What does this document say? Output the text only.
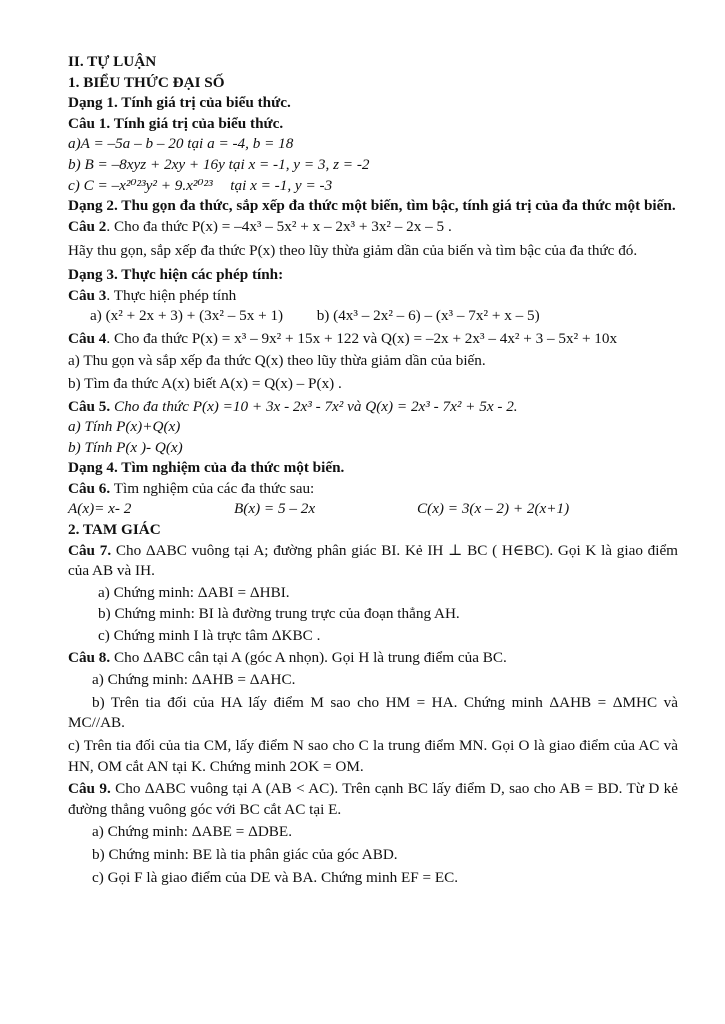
II. TỰ LUẬN
1. BIỂU THỨC ĐẠI SỐ
Dạng 1. Tính giá trị của biểu thức.
Câu 1. Tính giá trị của biểu thức.
a)A = –5a – b – 20 tại a = -4, b = 18
b) B = –8xyz + 2xy + 16y tại x = -1, y = 3, z = -2
c) C = –x²⁰²³y² + 9.x²⁰²³ tại x = -1, y = -3
Dạng 2. Thu gọn đa thức, sắp xếp đa thức một biến, tìm bậc, tính giá trị của đa thức một biến.
Câu 2. Cho đa thức P(x) = –4x³ – 5x² + x – 2x³ + 3x² – 2x – 5 .
Hãy thu gọn, sắp xếp đa thức P(x) theo lũy thừa giảm dần của biến và tìm bậc của đa thức đó.
Dạng 3. Thực hiện các phép tính:
Câu 3. Thực hiện phép tính
a) (x² + 2x + 3) + (3x² – 5x + 1) b) (4x³ – 2x² – 6) – (x³ – 7x² + x – 5)
Câu 4. Cho đa thức P(x) = x³ – 9x² + 15x + 122 và Q(x) = –2x + 2x³ – 4x² + 3 – 5x² + 10x
a) Thu gọn và sắp xếp đa thức Q(x) theo lũy thừa giảm dần của biến.
b) Tìm đa thức A(x) biết A(x) = Q(x) – P(x) .
Câu 5. Cho đa thức P(x) =10 + 3x - 2x³ - 7x² và Q(x) = 2x³ - 7x² + 5x - 2.
a) Tính P(x)+Q(x)
b) Tính P(x )- Q(x)
Dạng 4. Tìm nghiệm của đa thức một biến.
Câu 6. Tìm nghiệm của các đa thức sau:
A(x)= x- 2	B(x) = 5 – 2x	C(x) = 3(x – 2) + 2(x+1)
2. TAM GIÁC
Câu 7. Cho ΔABC vuông tại A; đường phân giác BI. Kẻ IH ⊥ BC ( H∈BC). Gọi K là giao điểm của AB và IH.
a) Chứng minh: ΔABI = ΔHBI.
b) Chứng minh: BI là đường trung trực của đoạn thẳng AH.
c) Chứng minh I là trực tâm ΔKBC .
Câu 8. Cho ΔABC cân tại A (góc A nhọn). Gọi H là trung điểm của BC.
a) Chứng minh: ΔAHB = ΔAHC.
b) Trên tia đối của HA lấy điểm M sao cho HM = HA. Chứng minh ΔAHB = ΔMHC và MC//AB.
c) Trên tia đối của tia CM, lấy điểm N sao cho C la trung điểm MN. Gọi O là giao điểm của AC và HN, OM cắt AN tại K. Chứng minh 2OK = OM.
Câu 9. Cho ΔABC vuông tại A (AB < AC). Trên cạnh BC lấy điểm D, sao cho AB = BD. Từ D kẻ đường thẳng vuông góc với BC cắt AC tại E.
a) Chứng minh: ΔABE = ΔDBE.
b) Chứng minh: BE là tia phân giác của góc ABD.
c) Gọi F là giao điểm của DE và BA. Chứng minh EF = EC.
